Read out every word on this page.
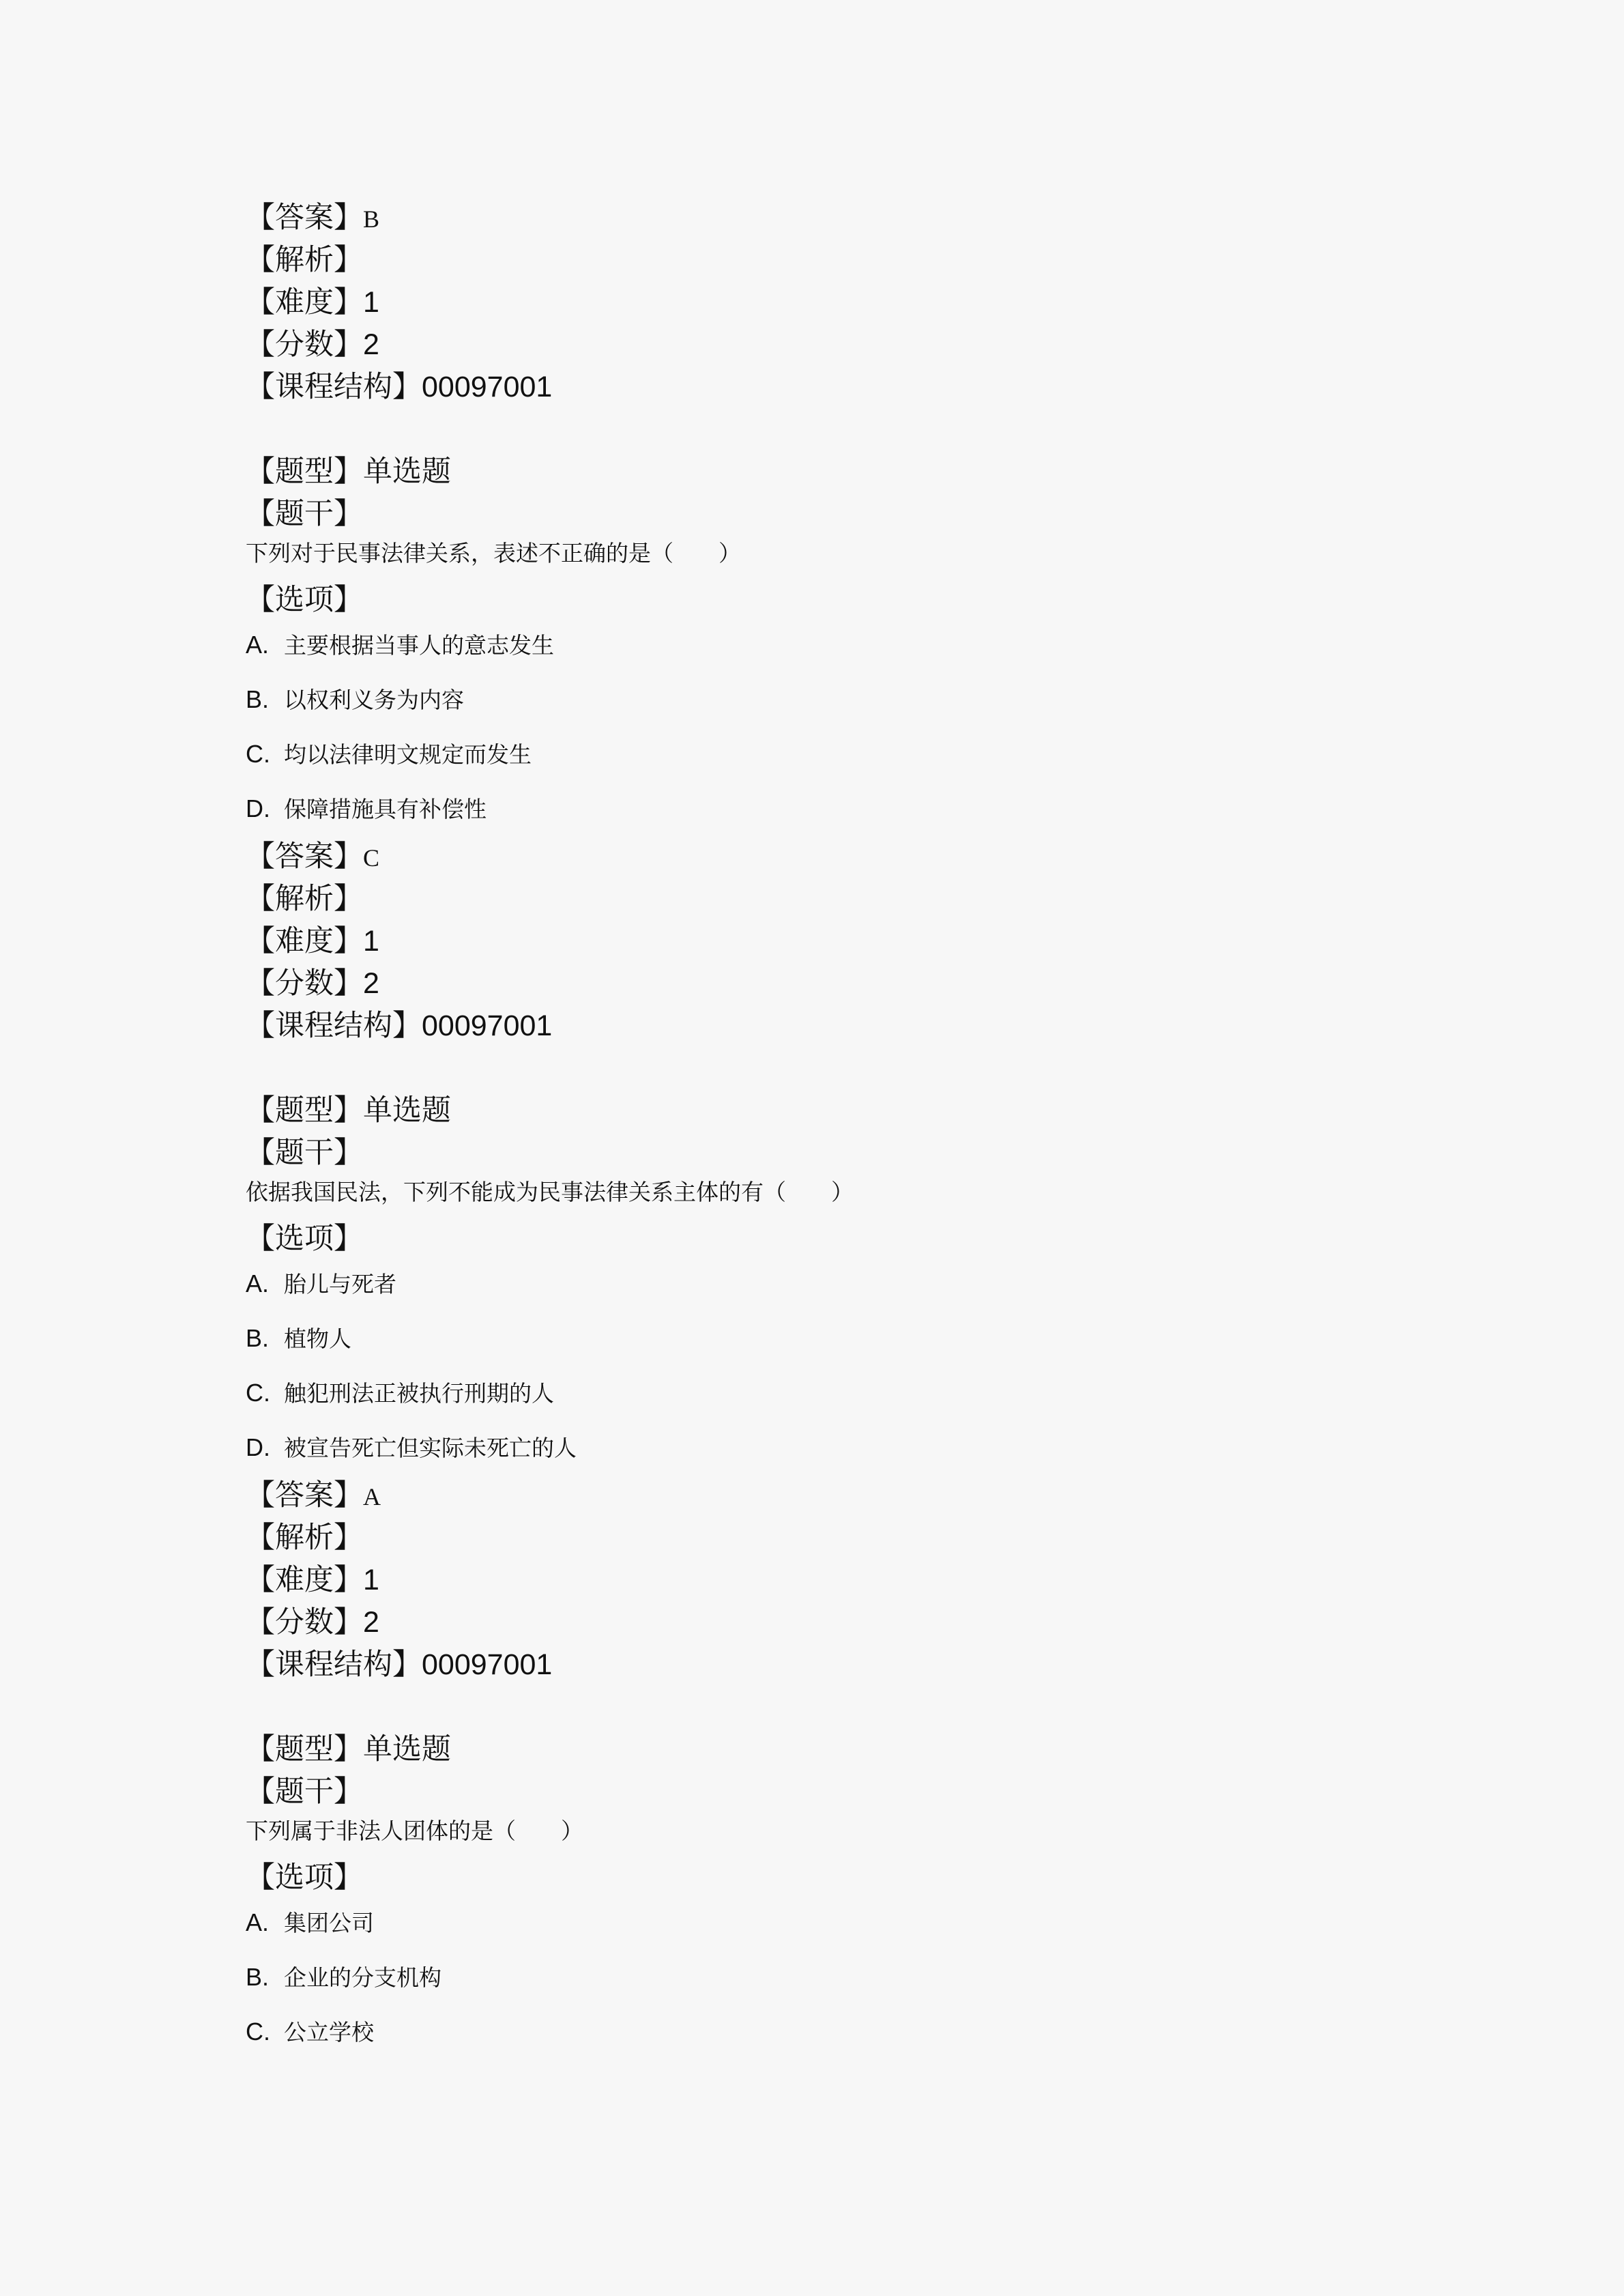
【答案】B
【解析】
【难度】1
【分数】2
【课程结构】00097001
【题型】单选题
【题干】
下列对于民事法律关系，表述不正确的是（　　）
【选项】
A. 主要根据当事人的意志发生
B. 以权利义务为内容
C. 均以法律明文规定而发生
D. 保障措施具有补偿性
【答案】C
【解析】
【难度】1
【分数】2
【课程结构】00097001
【题型】单选题
【题干】
依据我国民法，下列不能成为民事法律关系主体的有（　　）
【选项】
A. 胎儿与死者
B. 植物人
C. 触犯刑法正被执行刑期的人
D. 被宣告死亡但实际未死亡的人
【答案】A
【解析】
【难度】1
【分数】2
【课程结构】00097001
【题型】单选题
【题干】
下列属于非法人团体的是（　　）
【选项】
A. 集团公司
B. 企业的分支机构
C. 公立学校
